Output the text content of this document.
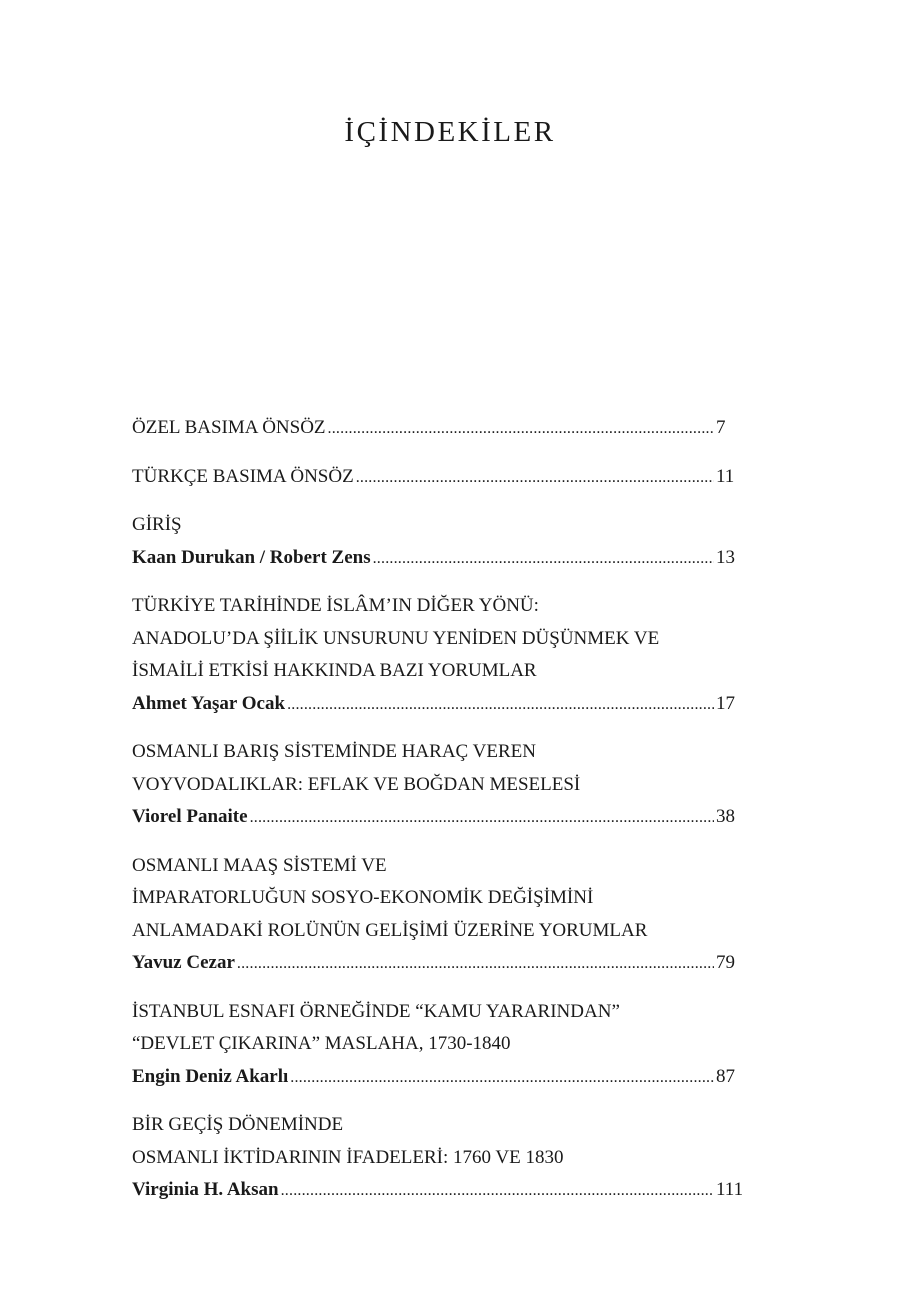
İÇİNDEKİLER
ÖZEL BASIMA ÖNSÖZ .....	7
TÜRKÇE BASIMA ÖNSÖZ .....	11
GİRİŞ
Kaan Durukan / Robert Zens .....	13
TÜRKİYE TARİHİNDE İSLÂM’IN DİĞER YÖNÜ:
ANADOLU’DA ŞİİLİK UNSURUNU YENİDEN DÜŞÜNMEK VE
İSMAİLİ ETKİSİ HAKKINDA BAZI YORUMLAR
Ahmet Yaşar Ocak .....	17
OSMANLI BARIŞ SİSTEMİNDE HARAÇ VEREN
VOYVODALIKLAR: EFLAK VE BOĞDAN MESELESİ
Viorel Panaite .....	38
OSMANLI MAAŞ SİSTEMİ VE
İMPARATORLUĞUN SOSYO-EKONOMİK DEĞİŞİMİNİ
ANLAMADAKİ ROLÜNÜN GELİŞİMİ ÜZERİNE YORUMLAR
Yavuz Cezar .....	79
İSTANBUL ESNAFI ÖRNEĞİNDE “KAMU YARARINDAN”
“DEVLET ÇIKARINA” MASLAHA, 1730-1840
Engin Deniz Akarlı .....	87
BİR GEÇİŞ DÖNEMİNDE
OSMANLI İKTİDARININ İFADELERİ: 1760 VE 1830
Virginia H. Aksan .....	111
